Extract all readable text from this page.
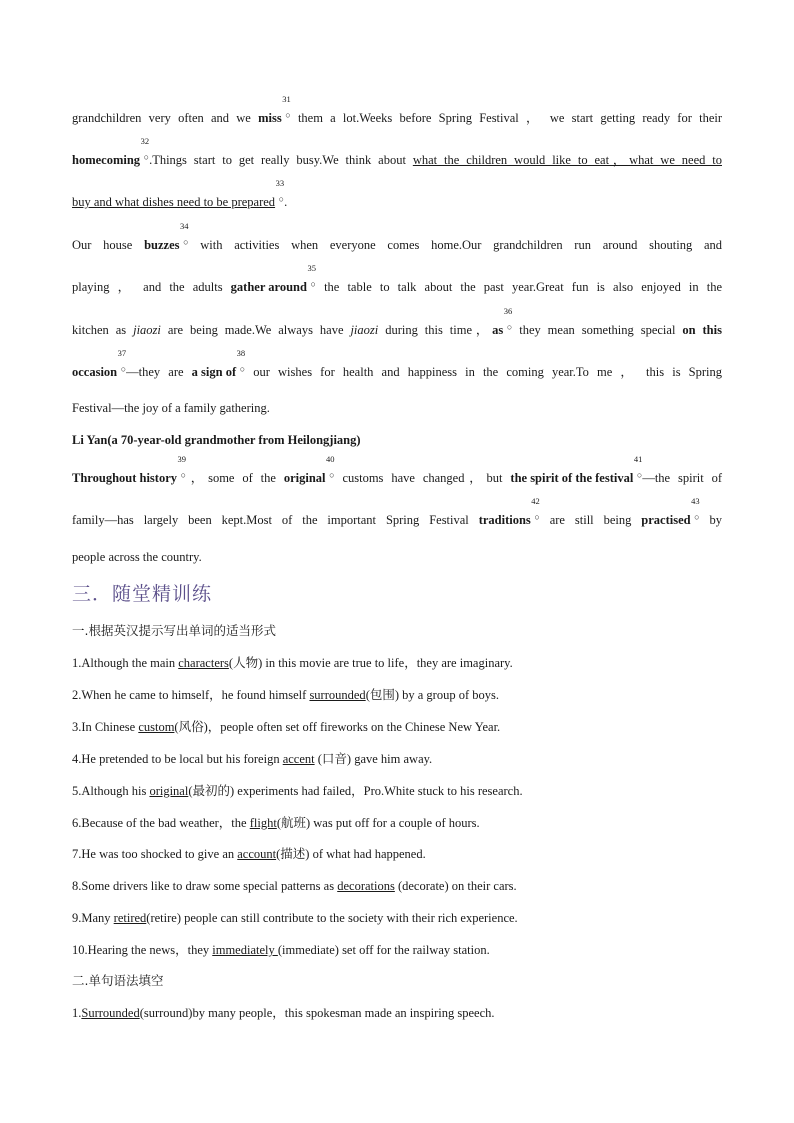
grandchildren very often and we miss
31
○ them a lot.Weeks before Spring Festival ， we start getting ready for their
homecoming
32
○ .Things start to get really busy.We think about what the children would like to eat，what we need to
buy and what dishes need to be prepared
33
○ .
Our house buzzes
34
○ with activities when everyone comes home.Our grandchildren run around shouting and
playing ， and the adults gather around
35
○ the table to talk about the past year.Great fun is also enjoyed in the
kitchen as jiaozi are being made.We always have jiaozi during this time，as
36
○ they mean something special on this
occasion
37
○ —they are a sign of
38
○ our wishes for health and happiness in the coming year.To me ， this is Spring
Festival—the joy of a family gathering.
Li Yan(a 70-year-old grandmother from Heilongjiang)
Throughout history
39
○ ，some of the original
40
○ customs have changed，but the spirit of the festival
41
○ —the spirit of
family—has largely been kept.Most of the important Spring Festival traditions
42
○ are still being practised
43
○ by
people across the country.
三．随堂精训练
一.根据英汉提示写出单词的适当形式
1.Although the main characters(人物) in this movie are true to life，they are imaginary.
2.When he came to himself，he found himself surrounded(包围) by a group of boys.
3.In Chinese custom(风俗)，people often set off fireworks on the Chinese New Year.
4.He pretended to be local but his foreign accent (口音) gave him away.
5.Although his original(最初的) experiments had failed，Pro.White stuck to his research.
6.Because of the bad weather，the flight(航班) was put off for a couple of hours.
7.He was too shocked to give an account(描述) of what had happened.
8.Some drivers like to draw some special patterns as decorations (decorate) on their cars.
9.Many retired(retire) people can still contribute to the society with their rich experience.
10.Hearing the news，they immediately (immediate) set off for the railway station.
二.单句语法填空
1.Surrounded(surround)by many people，this spokesman made an inspiring speech.
